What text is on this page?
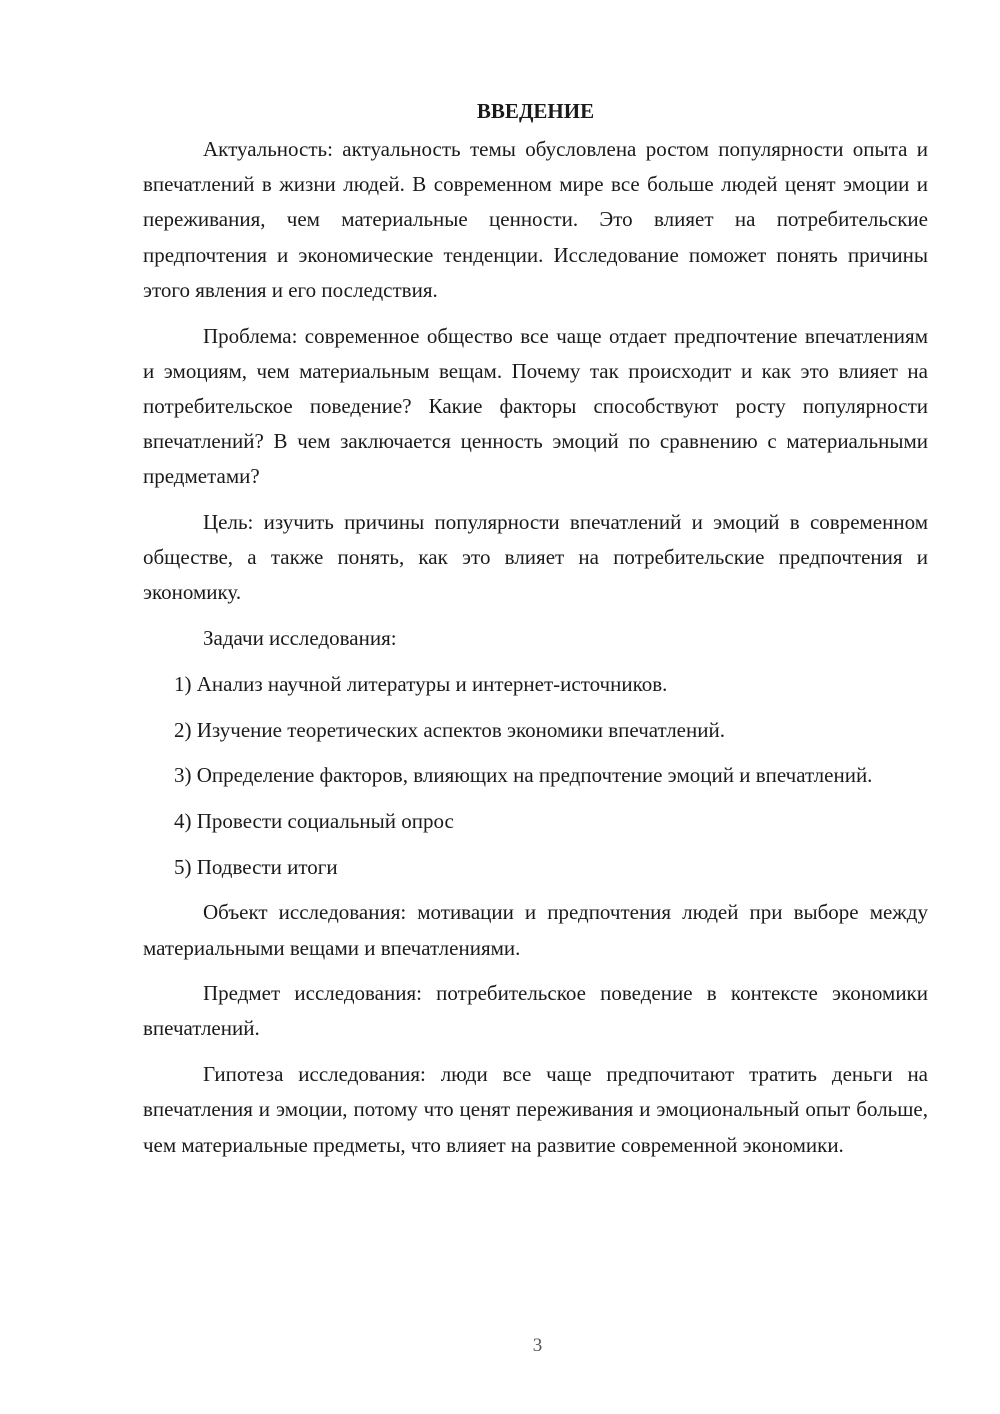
ВВЕДЕНИЕ

Актуальность: актуальность темы обусловлена ростом популярности опыта и впечатлений в жизни людей. В современном мире все больше людей ценят эмоции и переживания, чем материальные ценности. Это влияет на потребительские предпочтения и экономические тенденции. Исследование поможет понять причины этого явления и его последствия.

Проблема: современное общество все чаще отдает предпочтение впечатлениям и эмоциям, чем материальным вещам. Почему так происходит и как это влияет на потребительское поведение? Какие факторы способствуют росту популярности впечатлений? В чем заключается ценность эмоций по сравнению с материальными предметами?

Цель: изучить причины популярности впечатлений и эмоций в современном обществе, а также понять, как это влияет на потребительские предпочтения и экономику.

Задачи исследования:

1) Анализ научной литературы и интернет-источников.

2) Изучение теоретических аспектов экономики впечатлений.

3) Определение факторов, влияющих на предпочтение эмоций и впечатлений.

4) Провести социальный опрос

5) Подвести итоги

Объект исследования: мотивации и предпочтения людей при выборе между материальными вещами и впечатлениями.

Предмет исследования: потребительское поведение в контексте экономики впечатлений.

Гипотеза исследования: люди все чаще предпочитают тратить деньги на впечатления и эмоции, потому что ценят переживания и эмоциональный опыт больше, чем материальные предметы, что влияет на развитие современной экономики.

3
